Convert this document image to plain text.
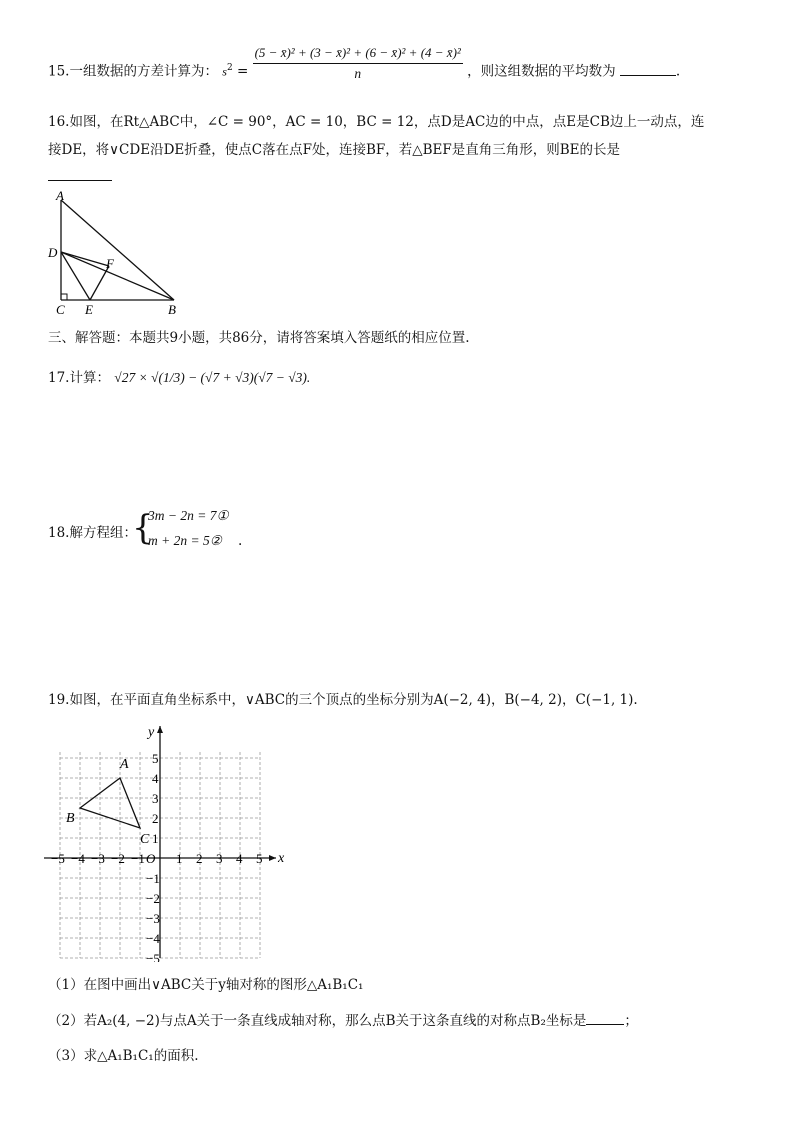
15.一组数据的方差计算为： $s^2 = \frac{\text{(5 − x̄)² + (3 − x̄)² + (6 − x̄)² + (4 − x̄)²}}{n}$ ，则这组数据的平均数为	.
16.如图，在Rt△ABC中，∠C = 90°，AC = 10，BC = 12，点D是AC边的中点，点E是CB边上一动点，连
接DE，将∨CDE沿DE折叠，使点C落在点F处，连接BF，若△BEF是直角三角形，则BE的长是
A
D
F
C E	B
三、解答题：本题共9小题，共86分，请将答案填入答题纸的相应位置.
17.计算： √27 × √(1/3) − (√7 + √3)(√7 − √3).
18.解方程组：
{
3m − 2n = 7①
m + 2n = 5② .
19.如图，在平面直角坐标系中，∨ABC的三个顶点的坐标分别为A(−2, 4)，B(−4, 2)，C(−1, 1).
−5 −4 −3 −2 −1 1 2 3 4 5
5
4
3
2
1
−1
−2
−3
−4
−5
x
y
O
A
B
C
（1）在图中画出∨ABC关于y轴对称的图形△A₁B₁C₁
（2）若A₂(4, −2)与点A关于一条直线成轴对称，那么点B关于这条直线的对称点B₂坐标是	；
（3）求△A₁B₁C₁的面积.
